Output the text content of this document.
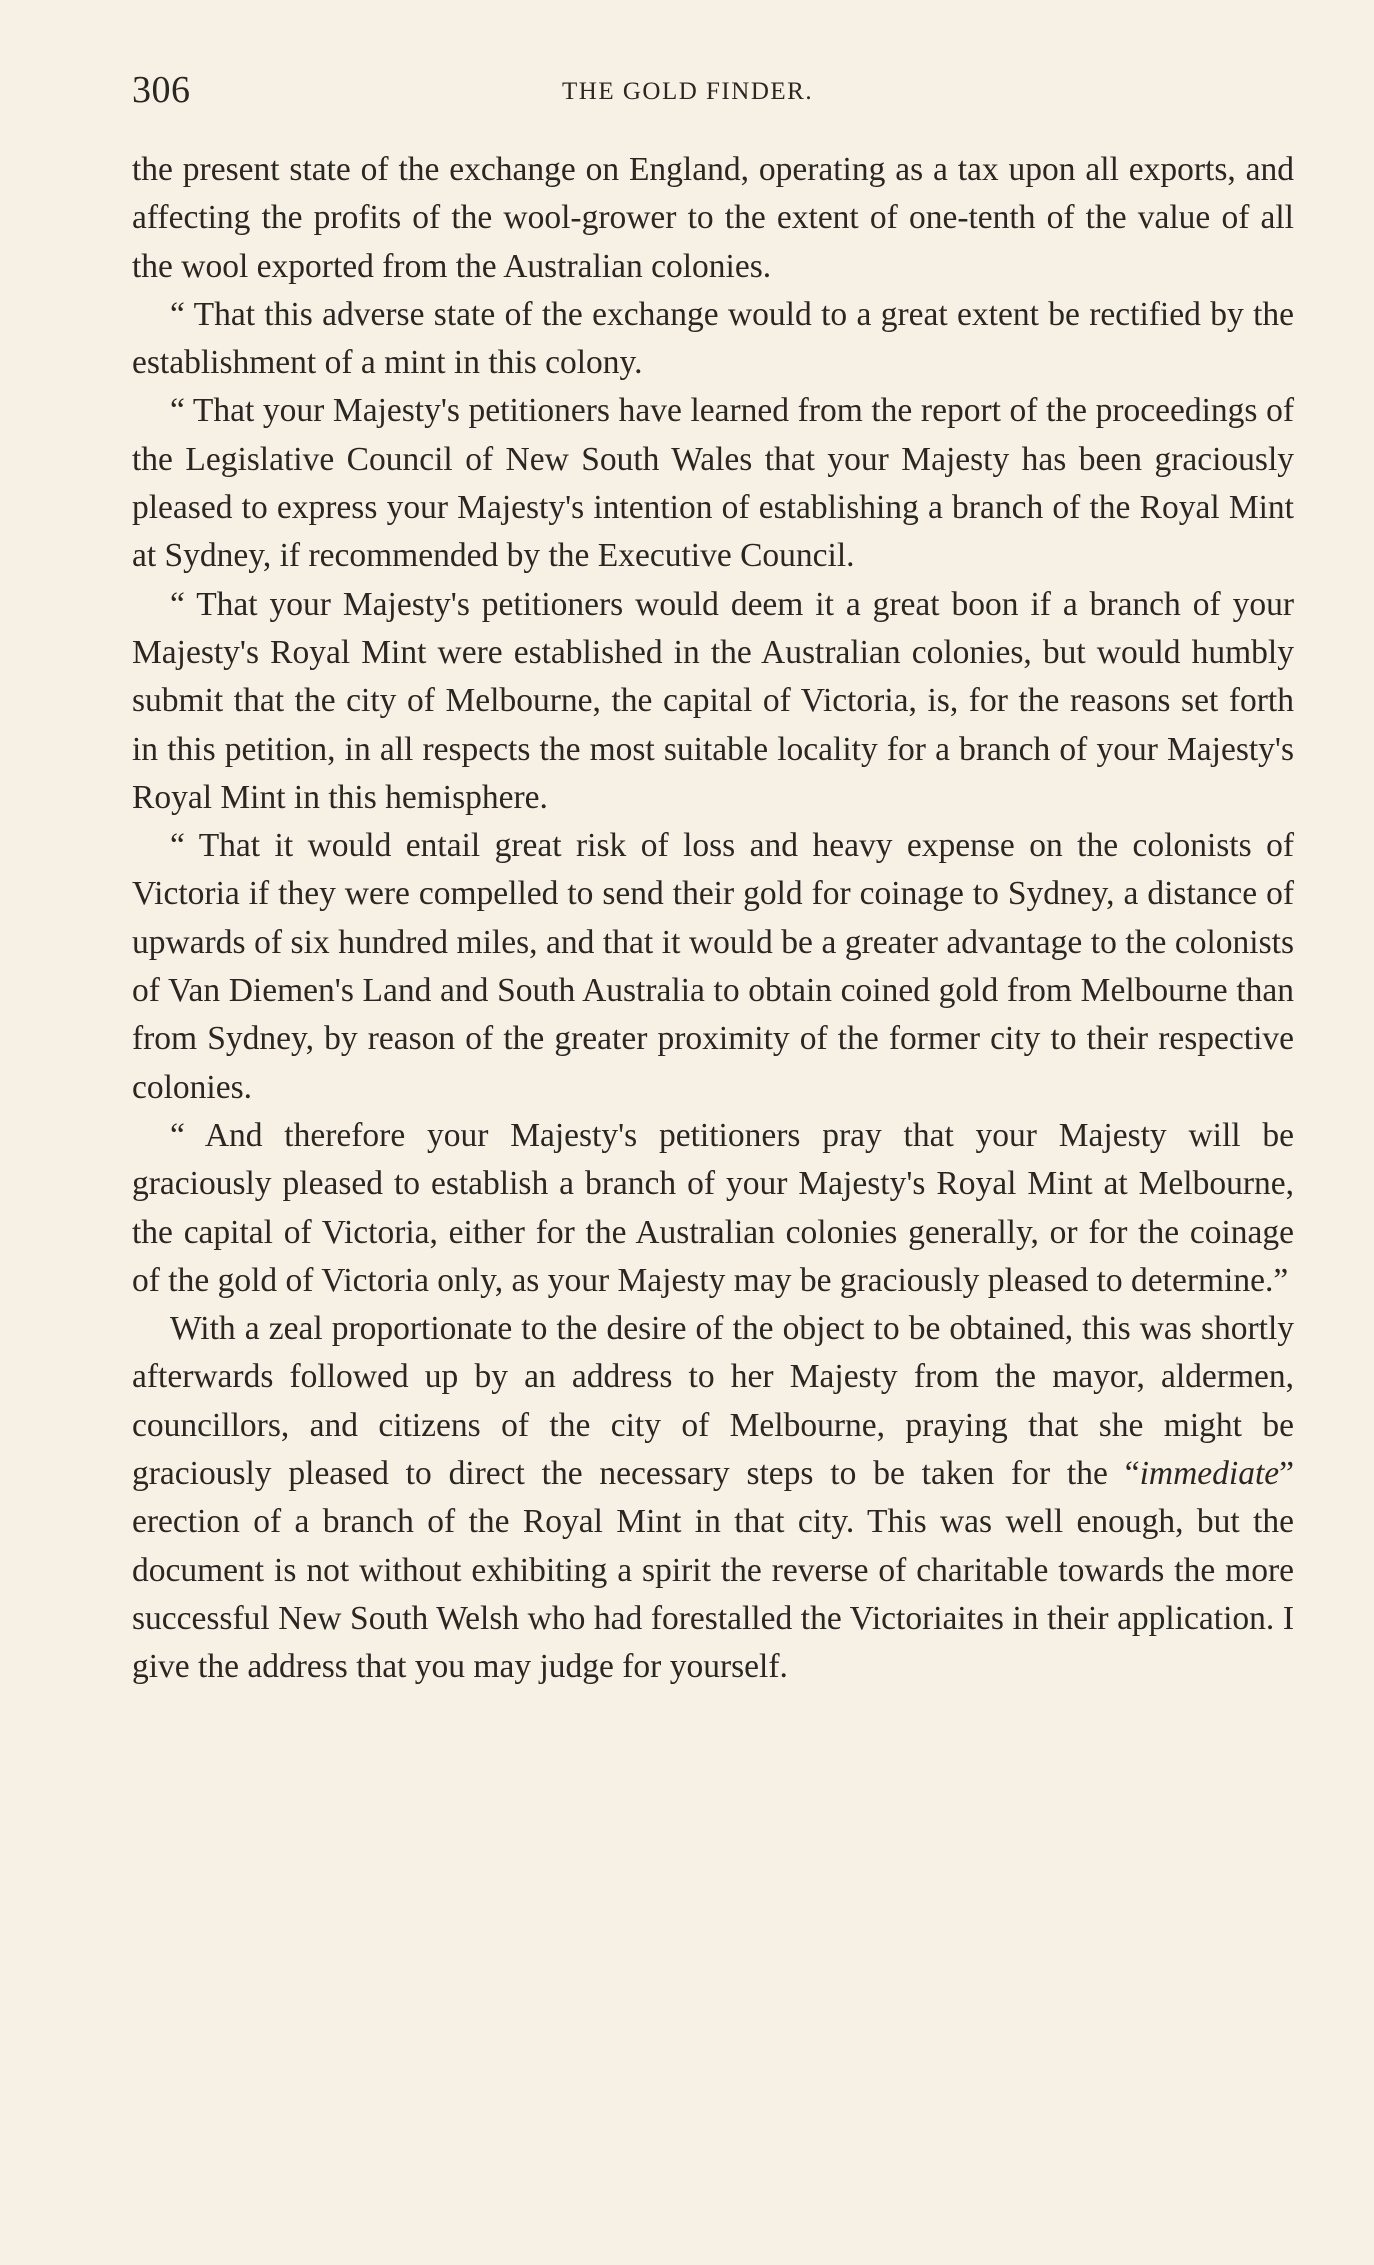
306	THE GOLD FINDER.

the present state of the exchange on England, operating as a tax upon all exports, and affecting the profits of the wool-grower to the extent of one-tenth of the value of all the wool exported from the Australian colonies.

“ That this adverse state of the exchange would to a great extent be rectified by the establishment of a mint in this colony.

“ That your Majesty's petitioners have learned from the report of the proceedings of the Legislative Council of New South Wales that your Majesty has been graciously pleased to express your Majesty's intention of establishing a branch of the Royal Mint at Sydney, if recommended by the Executive Council.

“ That your Majesty's petitioners would deem it a great boon if a branch of your Majesty's Royal Mint were established in the Australian colonies, but would humbly submit that the city of Melbourne, the capital of Victoria, is, for the reasons set forth in this petition, in all respects the most suitable locality for a branch of your Majesty's Royal Mint in this hemisphere.

“ That it would entail great risk of loss and heavy expense on the colonists of Victoria if they were compelled to send their gold for coinage to Sydney, a distance of upwards of six hundred miles, and that it would be a greater advantage to the colonists of Van Diemen's Land and South Australia to obtain coined gold from Melbourne than from Sydney, by reason of the greater proximity of the former city to their respective colonies.

“ And therefore your Majesty's petitioners pray that your Majesty will be graciously pleased to establish a branch of your Majesty's Royal Mint at Melbourne, the capital of Victoria, either for the Australian colonies generally, or for the coinage of the gold of Victoria only, as your Majesty may be graciously pleased to determine.”

With a zeal proportionate to the desire of the object to be obtained, this was shortly afterwards followed up by an address to her Majesty from the mayor, aldermen, councillors, and citizens of the city of Melbourne, praying that she might be graciously pleased to direct the necessary steps to be taken for the “immediate” erection of a branch of the Royal Mint in that city. This was well enough, but the document is not without exhibiting a spirit the reverse of charitable towards the more successful New South Welsh who had forestalled the Victoriaites in their application. I give the address that you may judge for yourself.
